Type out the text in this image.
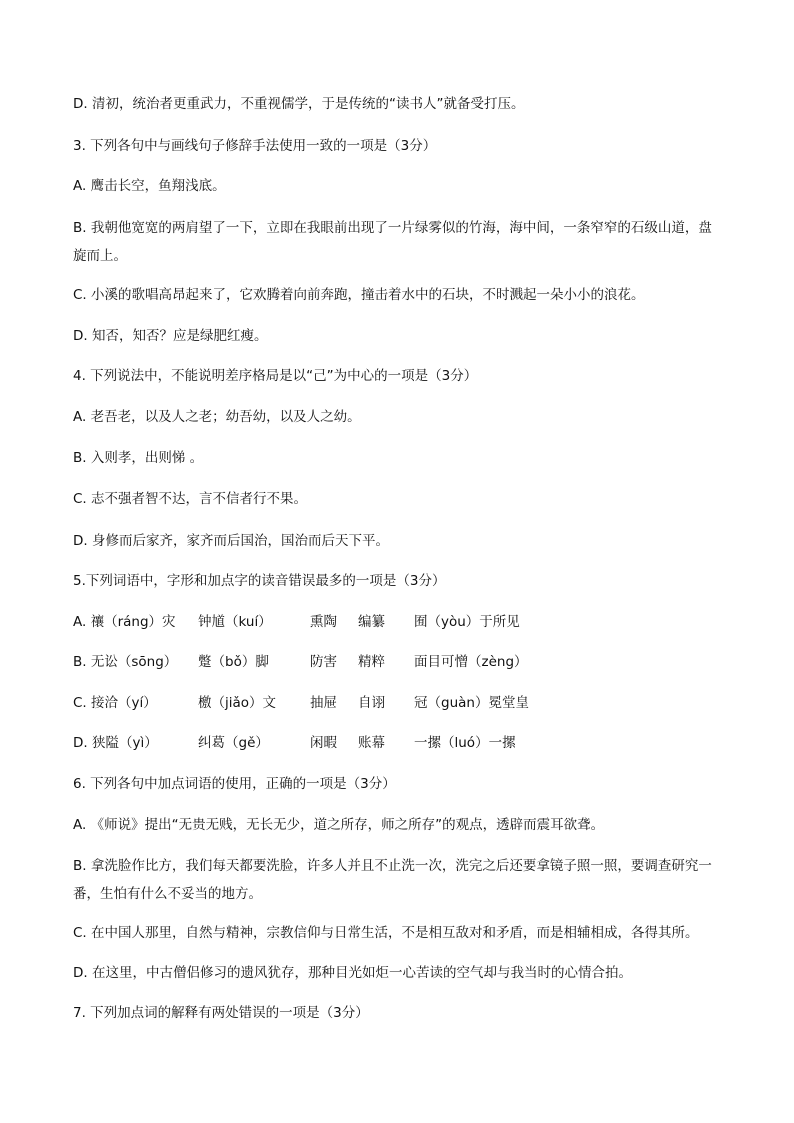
D. 清初，统治者更重武力，不重视儒学，于是传统的“读书人”就备受打压。
3. 下列各句中与画线句子修辞手法使用一致的一项是（3分）
A. 鹰击长空，鱼翔浅底。
B. 我朝他宽宽的两肩望了一下，立即在我眼前出现了一片绿雾似的竹海，海中间，一条窄窄的石级山道，盘旋而上。
C. 小溪的歌唱高昂起来了，它欢腾着向前奔跑，撞击着水中的石块，不时溅起一朵小小的浪花。
D. 知否，知否？应是绿肥红瘦。
4. 下列说法中，不能说明差序格局是以“己”为中心的一项是（3分）
A. 老吾老，以及人之老；幼吾幼，以及人之幼。
B. 入则孝，出则悌 。
C. 志不强者智不达，言不信者行不果。
D. 身修而后家齐，家齐而后国治，国治而后天下平。
5.下列词语中，字形和加点字的读音错误最多的一项是（3分）
A. 禳（ráng）灾 钟馗（kuí）	熏陶 编纂 囿（yòu）于所见
B. 无讼（sōng） 蹩（bǒ）脚	防害 精粹 面目可憎（zèng）
C. 接洽（yí）	檄（jiǎo）文	抽屉 自诩 冠（guàn）冕堂皇
D. 狭隘（yì）	纠葛（gě）	闲暇 账幕 一摞（luó）一摞
6. 下列各句中加点词语的使用，正确的一项是（3分）
A. 《师说》提出“无贵无贱，无长无少，道之所存，师之所存”的观点，透辟而震耳欲聋。
B. 拿洗脸作比方，我们每天都要洗脸，许多人并且不止洗一次，洗完之后还要拿镜子照一照，要调查研究一番，生怕有什么不妥当的地方。
C. 在中国人那里，自然与精神，宗教信仰与日常生活，不是相互敌对和矛盾，而是相辅相成，各得其所。
D. 在这里，中古僧侣修习的遗风犹存，那种目光如炬一心苦读的空气却与我当时的心情合拍。
7. 下列加点词的解释有两处错误的一项是（3分）
